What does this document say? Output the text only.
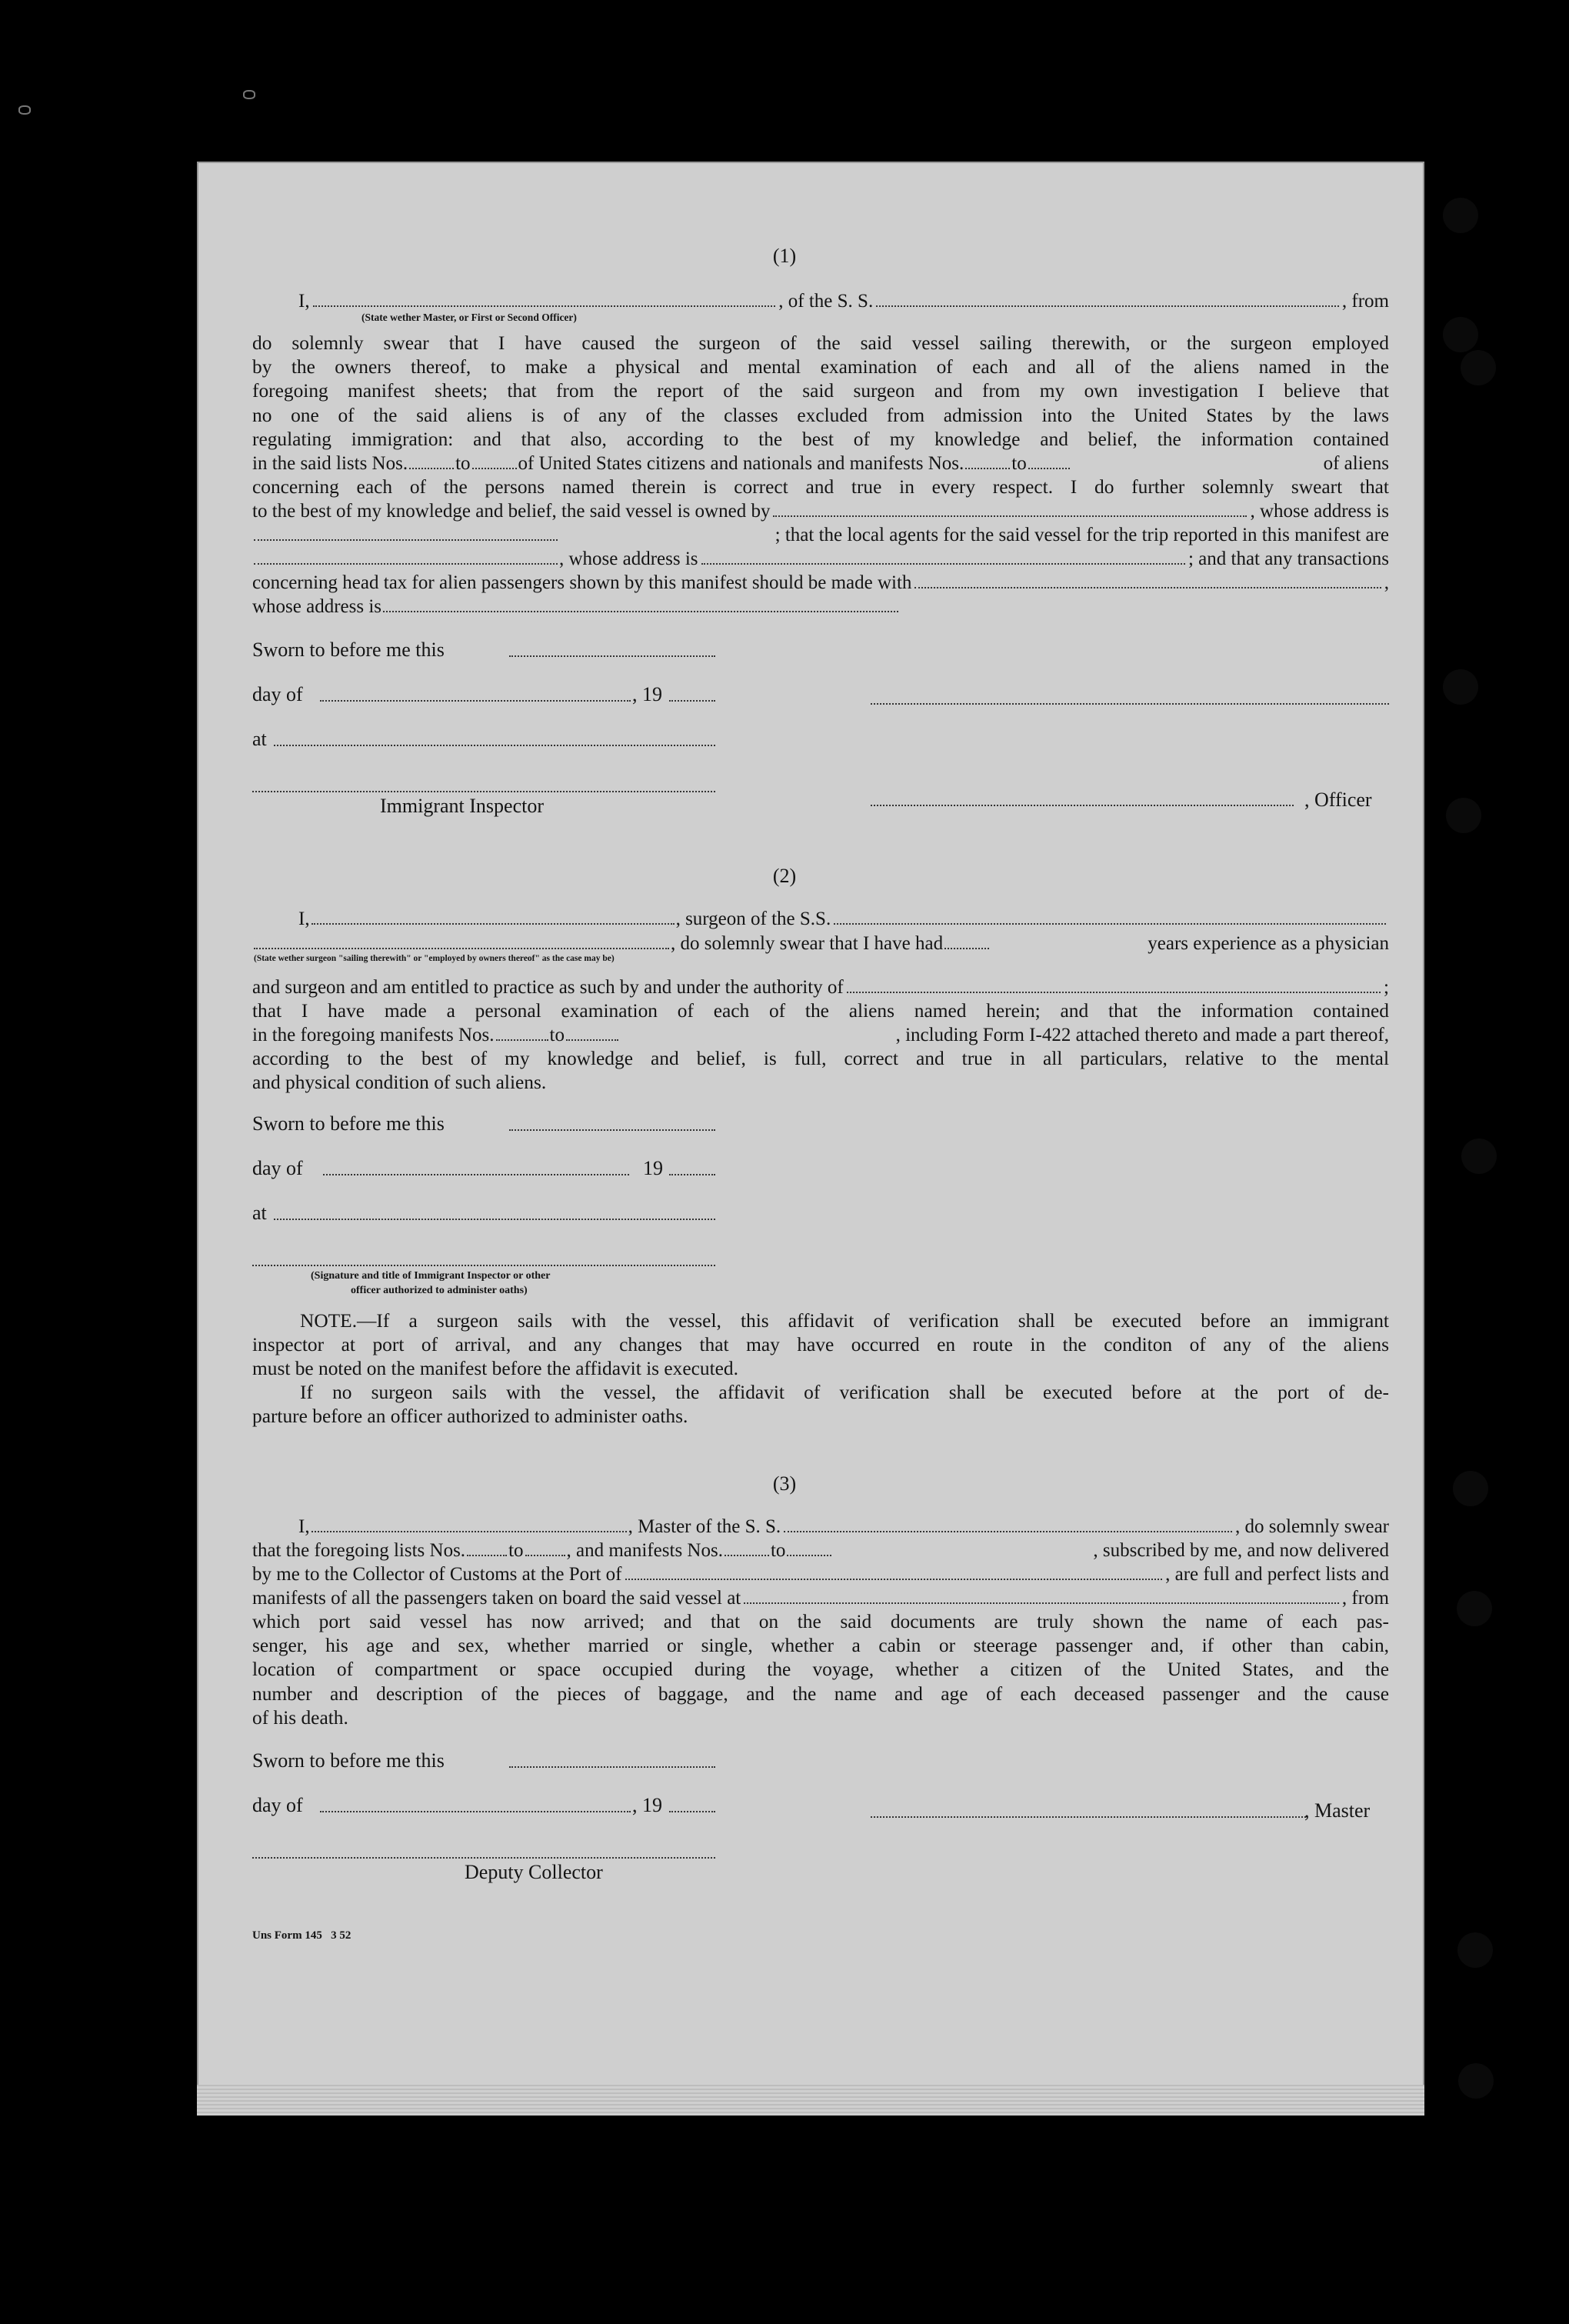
(1)
I,	, of the S. S.	, from
(State wether Master, or First or Second Officer)
do solemnly swear that I have caused the surgeon of the said vessel sailing therewith, or the surgeon employed
by the owners thereof, to make a physical and mental examination of each and all of the aliens named in the
foregoing manifest sheets; that from the report of the said surgeon and from my own investigation I believe that
no one of the said aliens is of any of the classes excluded from admission into the United States by the laws
regulating immigration: and that also, according to the best of my knowledge and belief, the information contained
in the said lists Nos. to of United States citizens and nationals and manifests Nos. to	of aliens
concerning each of the persons named therein is correct and true in every respect. I do further solemnly sweart that
to the best of my knowledge and belief, the said vessel is owned by	, whose address is
; that the local agents for the said vessel for the trip reported in this manifest are
, whose address is	; and that any transactions
concerning head tax for alien passengers shown by this manifest should be made with	,
whose address is
Sworn to before me this
day of	, 19
at
Immigrant Inspector	, Officer
(2)
I,	, surgeon of the S.S.
, do solemnly swear that I have had	years experience as a physician
(State wether surgeon "sailing therewith" or "employed by owners thereof" as the case may be)
and surgeon and am entitled to practice as such by and under the authority of	;
that I have made a personal examination of each of the aliens named herein; and that the information contained
in the foregoing manifests Nos.	to	, including Form I-422 attached thereto and made a part thereof,
according to the best of my knowledge and belief, is full, correct and true in all particulars, relative to the mental
and physical condition of such aliens.
Sworn to before me this
day of	19
at
(Signature and title of Immigrant Inspector or other
officer authorized to administer oaths)
NOTE.—If a surgeon sails with the vessel, this affidavit of verification shall be executed before an immigrant
inspector at port of arrival, and any changes that may have occurred en route in the conditon of any of the aliens
must be noted on the manifest before the affidavit is executed.
If no surgeon sails with the vessel, the affidavit of verification shall be executed before at the port of de-
parture before an officer authorized to administer oaths.
(3)
I,	, Master of the S. S.	, do solemnly swear
that the foregoing lists Nos. to , and manifests Nos. to	, subscribed by me, and now delivered
by me to the Collector of Customs at the Port of	, are full and perfect lists and
manifests of all the passengers taken on board the said vessel at	, from
which port said vessel has now arrived; and that on the said documents are truly shown the name of each pas-
senger, his age and sex, whether married or single, whether a cabin or steerage passenger and, if other than cabin,
location of compartment or space occupied during the voyage, whether a citizen of the United States, and the
number and description of the pieces of baggage, and the name and age of each deceased passenger and the cause
of his death.
Sworn to before me this
day of	, 19	, Master
Deputy Collector
Uns Form 145   3 52
